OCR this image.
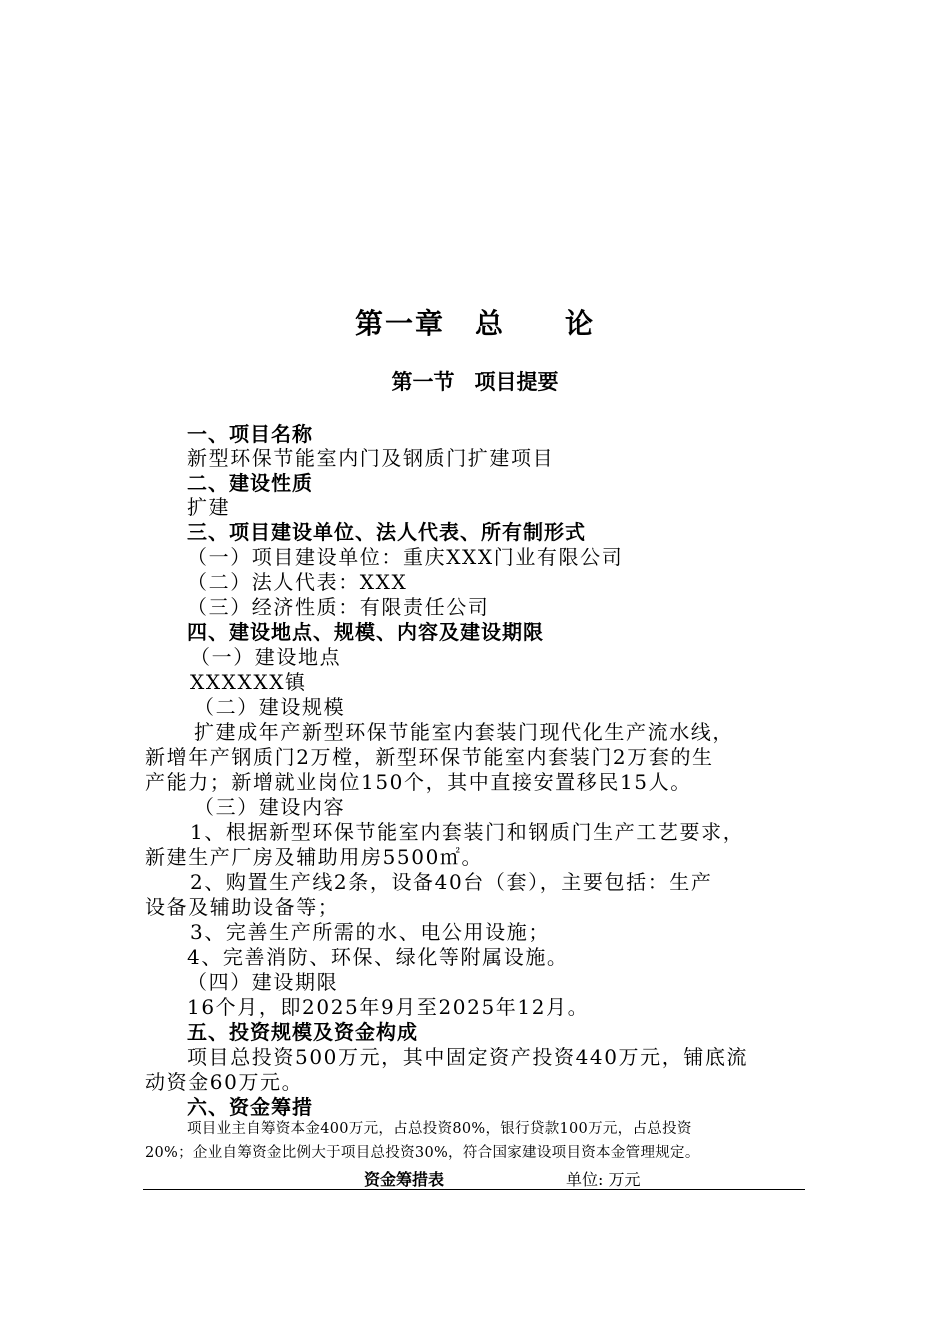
第一章 总 论
第一节 项目提要
一、项目名称
新型环保节能室内门及钢质门扩建项目
二、建设性质
扩建
三、项目建设单位、法人代表、所有制形式
（一）项目建设单位：重庆XXX门业有限公司
（二）法人代表：XXX
（三）经济性质：有限责任公司
四、建设地点、规模、内容及建设期限
（一）建设地点
XXXXXX镇
（二）建设规模
扩建成年产新型环保节能室内套装门现代化生产流水线，
新增年产钢质门2万樘，新型环保节能室内套装门2万套的生
产能力；新增就业岗位150个，其中直接安置移民15人。
（三）建设内容
1、根据新型环保节能室内套装门和钢质门生产工艺要求，
新建生产厂房及辅助用房5500㎡。
2、购置生产线2条，设备40台（套），主要包括：生产
设备及辅助设备等；
3、完善生产所需的水、电公用设施；
4、完善消防、环保、绿化等附属设施。
（四）建设期限
16个月，即2025年9月至2025年12月。
五、投资规模及资金构成
项目总投资500万元，其中固定资产投资440万元，铺底流
动资金60万元。
六、资金筹措
项目业主自筹资本金400万元，占总投资80%，银行贷款100万元，占总投资
20%；企业自筹资金比例大于项目总投资30%，符合国家建设项目资本金管理规定。
资金筹措表	单位: 万元
